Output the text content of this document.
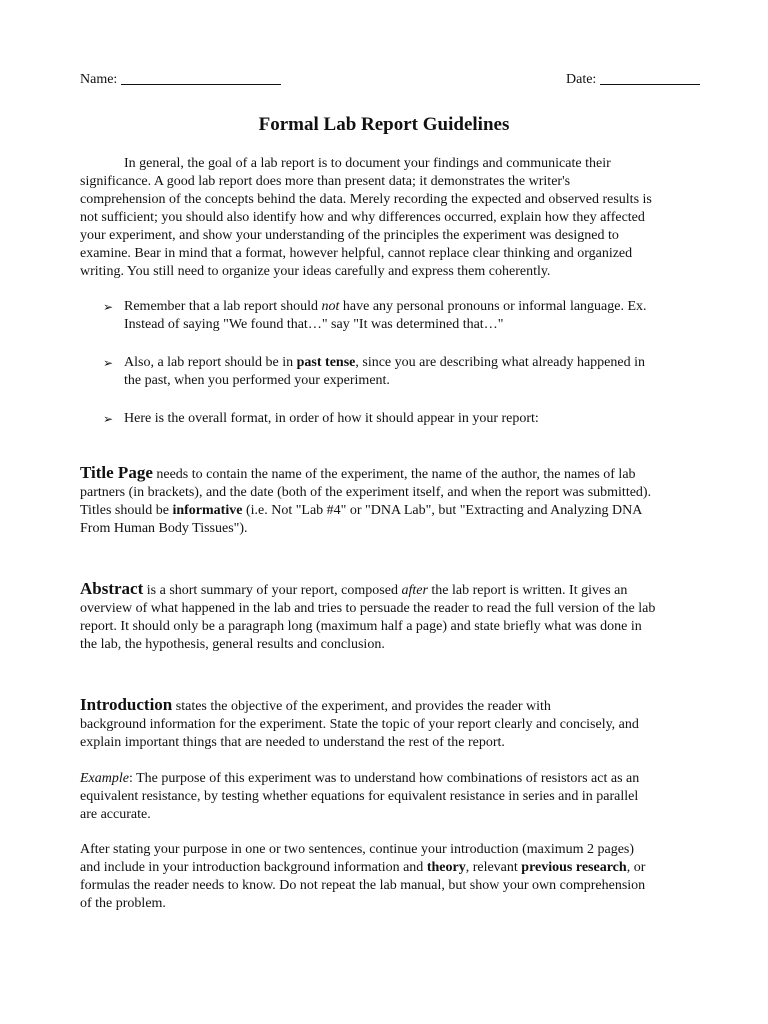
Name:	Date:
Formal Lab Report Guidelines
In general, the goal of a lab report is to document your findings and communicate their
significance. A good lab report does more than present data; it demonstrates the writer's
comprehension of the concepts behind the data. Merely recording the expected and observed results is
not sufficient; you should also identify how and why differences occurred, explain how they affected
your experiment, and show your understanding of the principles the experiment was designed to
examine. Bear in mind that a format, however helpful, cannot replace clear thinking and organized
writing. You still need to organize your ideas carefully and express them coherently.
➢ Remember that a lab report should not have any personal pronouns or informal language. Ex.
Instead of saying "We found that…" say "It was determined that…"
➢ Also, a lab report should be in past tense, since you are describing what already happened in
the past, when you performed your experiment.
➢ Here is the overall format, in order of how it should appear in your report:
Title Page needs to contain the name of the experiment, the name of the author, the names of lab
partners (in brackets), and the date (both of the experiment itself, and when the report was submitted).
Titles should be informative (i.e. Not "Lab #4" or "DNA Lab", but "Extracting and Analyzing DNA
From Human Body Tissues").
Abstract is a short summary of your report, composed after the lab report is written. It gives an
overview of what happened in the lab and tries to persuade the reader to read the full version of the lab
report. It should only be a paragraph long (maximum half a page) and state briefly what was done in
the lab, the hypothesis, general results and conclusion.
Introduction states the objective of the experiment, and provides the reader with
background information for the experiment. State the topic of your report clearly and concisely, and
explain important things that are needed to understand the rest of the report.
Example: The purpose of this experiment was to understand how combinations of resistors act as an
equivalent resistance, by testing whether equations for equivalent resistance in series and in parallel
are accurate.
After stating your purpose in one or two sentences, continue your introduction (maximum 2 pages)
and include in your introduction background information and theory, relevant previous research, or
formulas the reader needs to know. Do not repeat the lab manual, but show your own comprehension
of the problem.
